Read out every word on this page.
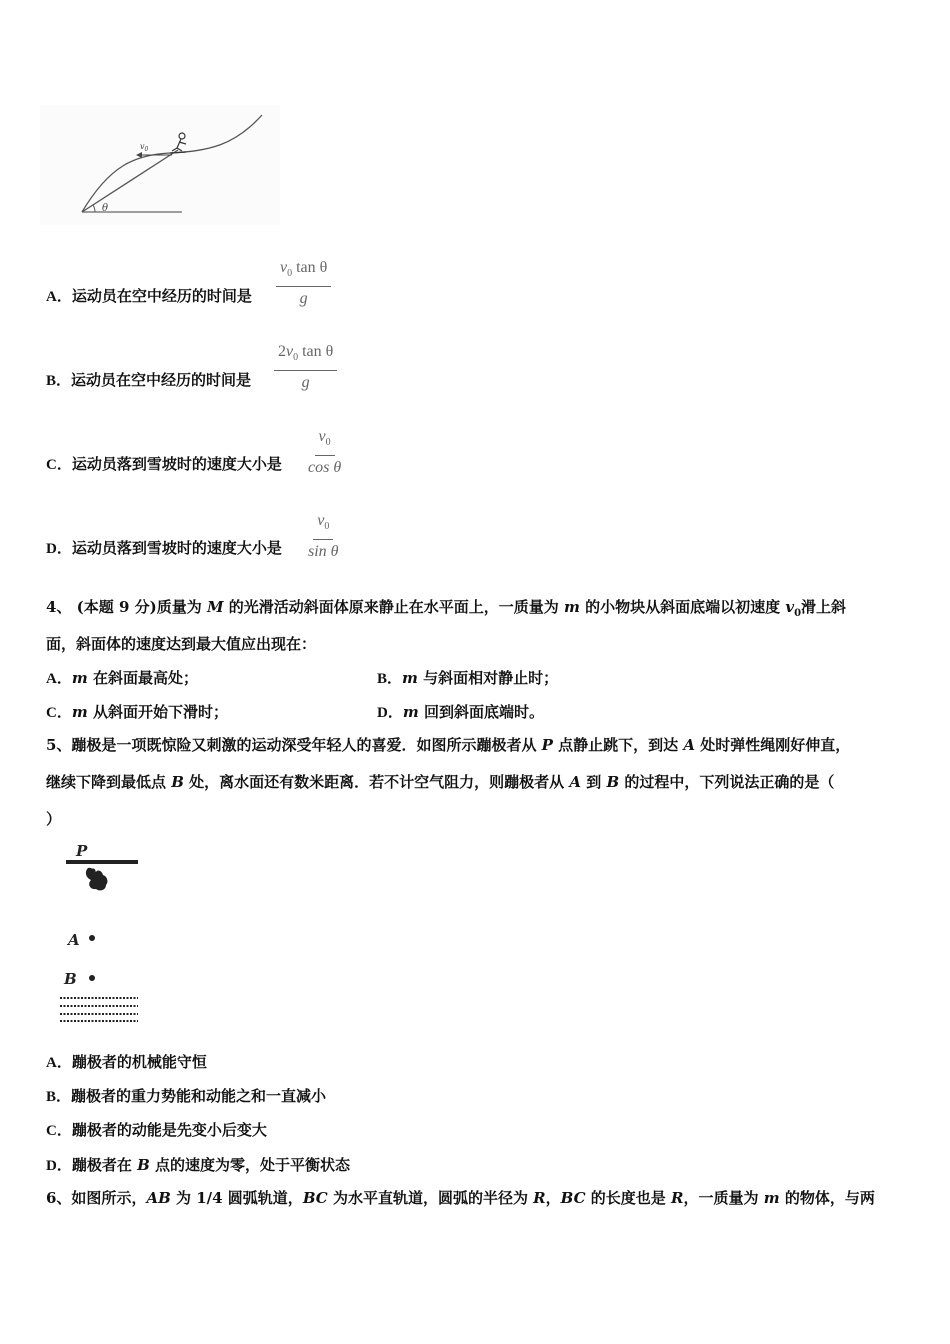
θ
$v_0$
A．运动员在空中经历的时间是 $\frac{v_0 \tan \theta}{g}$
B．运动员在空中经历的时间是 $\frac{2v_0 \tan \theta}{g}$
C．运动员落到雪坡时的速度大小是 $\frac{v_0}{\text{cos θ}}$
D．运动员落到雪坡时的速度大小是 $\frac{v_0}{\text{sin θ}}$
4、 (本题 9 分)质量为 M 的光滑活动斜面体原来静止在水平面上，一质量为 m 的小物块从斜面底端以初速度 $v_0$滑上斜
面，斜面体的速度达到最大值应出现在：
A．m 在斜面最高处；	B．m 与斜面相对静止时；
C．m 从斜面开始下滑时；	D．m 回到斜面底端时。
5、蹦极是一项既惊险又刺激的运动深受年轻人的喜爱．如图所示蹦极者从 P 点静止跳下，到达 A 处时弹性绳刚好伸直，
继续下降到最低点 B 处，离水面还有数米距离．若不计空气阻力，则蹦极者从 A 到 B 的过程中，下列说法正确的是（
）
P
A
B
A．蹦极者的机械能守恒
B．蹦极者的重力势能和动能之和一直减小
C．蹦极者的动能是先变小后变大
D．蹦极者在 B 点的速度为零，处于平衡状态
6、如图所示，AB 为 1/4 圆弧轨道，BC 为水平直轨道，圆弧的半径为 R，BC 的长度也是 R，一质量为 m 的物体，与两
